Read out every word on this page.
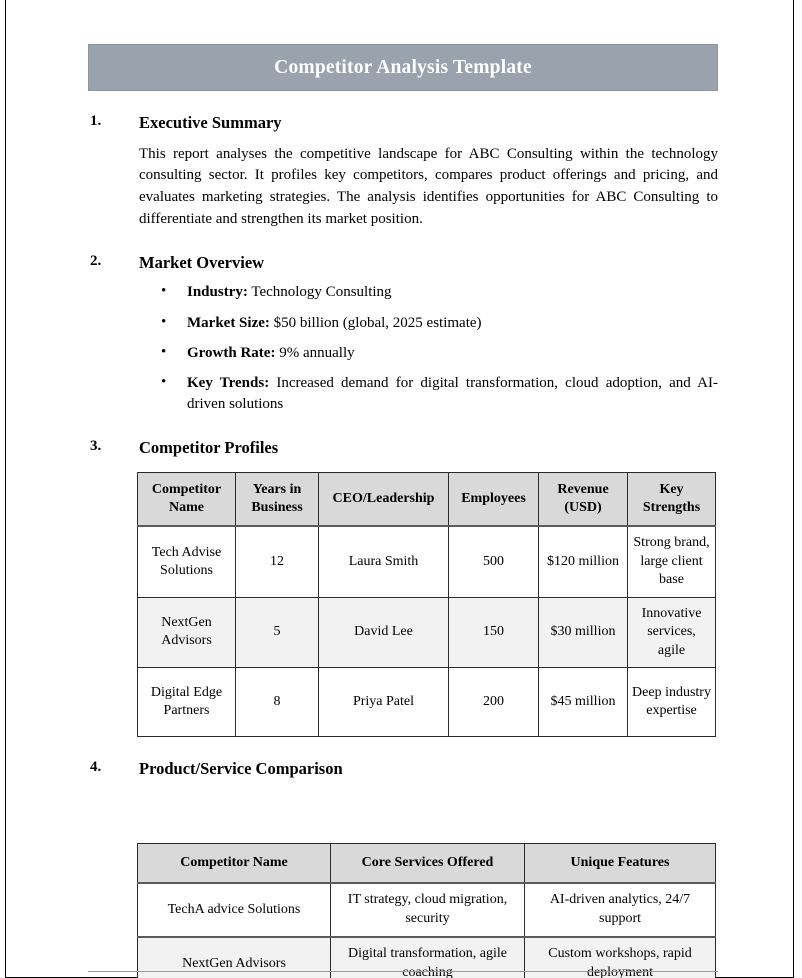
Competitor Analysis Template
1. Executive Summary

This report analyses the competitive landscape for ABC Consulting within the technology consulting sector. It profiles key competitors, compares product offerings and pricing, and evaluates marketing strategies. The analysis identifies opportunities for ABC Consulting to differentiate and strengthen its market position.

2. Market Overview
• Industry: Technology Consulting
• Market Size: $50 billion (global, 2025 estimate)
• Growth Rate: 9% annually
• Key Trends: Increased demand for digital transformation, cloud adoption, and AI-driven solutions
3. Competitor Profiles
Competitor Name	Years in Business	CEO/Leadership	Employees	Revenue (USD)	Key Strengths
Tech Advise Solutions	12	Laura Smith	500	$120 million	Strong brand, large client base
NextGen Advisors	5	David Lee	150	$30 million	Innovative services, agile
Digital Edge Partners	8	Priya Patel	200	$45 million	Deep industry expertise
4. Product/Service Comparison
Competitor Name	Core Services Offered	Unique Features
TechA advice Solutions	IT strategy, cloud migration, security	AI-driven analytics, 24/7 support
NextGen Advisors	Digital transformation, agile coaching	Custom workshops, rapid deployment
